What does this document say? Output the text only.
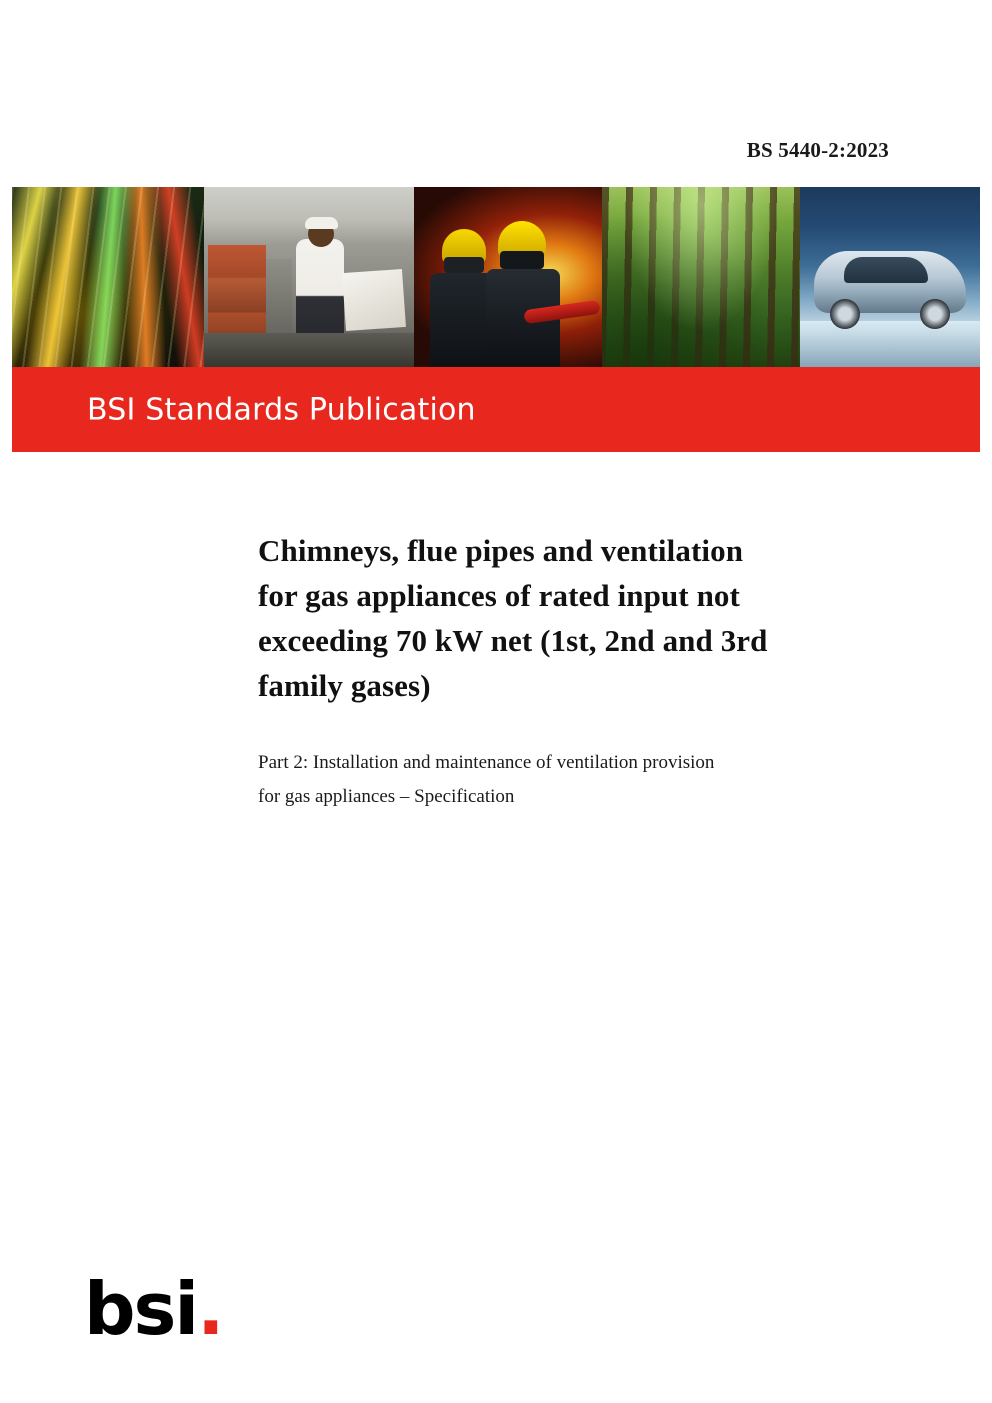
BS 5440-2:2023
BSI Standards Publication
Chimneys, flue pipes and ventilation
for gas appliances of rated input not
exceeding 70 kW net (1st, 2nd and 3rd
family gases)
Part 2: Installation and maintenance of ventilation provision
for gas appliances – Specification
bsi.
